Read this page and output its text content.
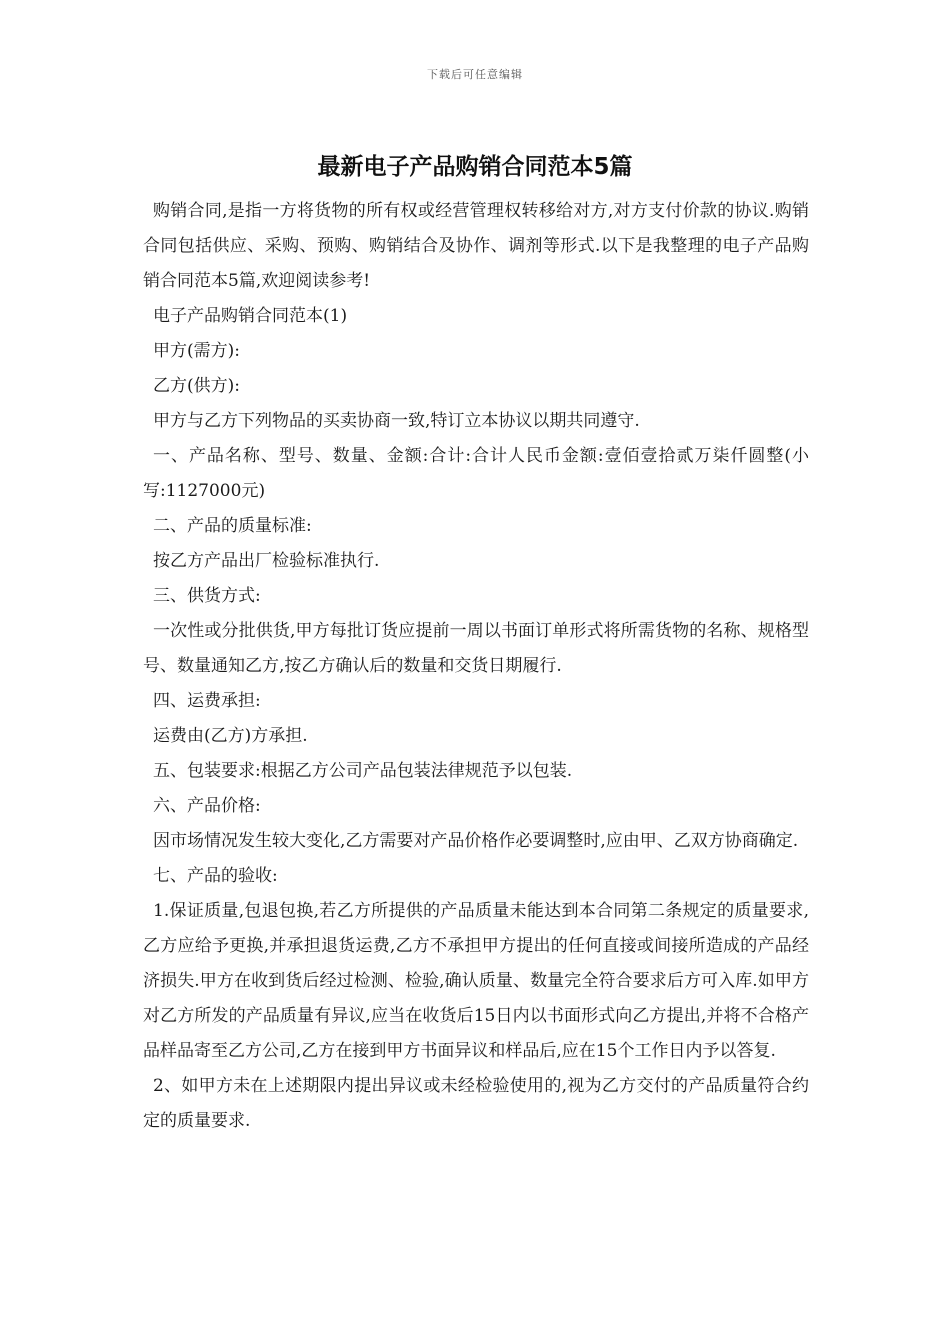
下载后可任意编辑
最新电子产品购销合同范本5篇

购销合同,是指一方将货物的所有权或经营管理权转移给对方,对方支付价款的协议.购销合同包括供应、采购、预购、购销结合及协作、调剂等形式.以下是我整理的电子产品购销合同范本5篇,欢迎阅读参考!

电子产品购销合同范本(1)

甲方(需方):

乙方(供方):

甲方与乙方下列物品的买卖协商一致,特订立本协议以期共同遵守.

一、产品名称、型号、数量、金额:合计:合计人民币金额:壹佰壹拾贰万柒仟圆整(小写:1127000元)

二、产品的质量标准:

按乙方产品出厂检验标准执行.

三、供货方式:

一次性或分批供货,甲方每批订货应提前一周以书面订单形式将所需货物的名称、规格型号、数量通知乙方,按乙方确认后的数量和交货日期履行.

四、运费承担:

运费由(乙方)方承担.

五、包装要求:根据乙方公司产品包装法律规范予以包装.

六、产品价格:

因市场情况发生较大变化,乙方需要对产品价格作必要调整时,应由甲、乙双方协商确定.

七、产品的验收:

1.保证质量,包退包换,若乙方所提供的产品质量未能达到本合同第二条规定的质量要求,乙方应给予更换,并承担退货运费,乙方不承担甲方提出的任何直接或间接所造成的产品经济损失.甲方在收到货后经过检测、检验,确认质量、数量完全符合要求后方可入库.如甲方对乙方所发的产品质量有异议,应当在收货后15日内以书面形式向乙方提出,并将不合格产品样品寄至乙方公司,乙方在接到甲方书面异议和样品后,应在15个工作日内予以答复.

2、如甲方未在上述期限内提出异议或未经检验使用的,视为乙方交付的产品质量符合约定的质量要求.
